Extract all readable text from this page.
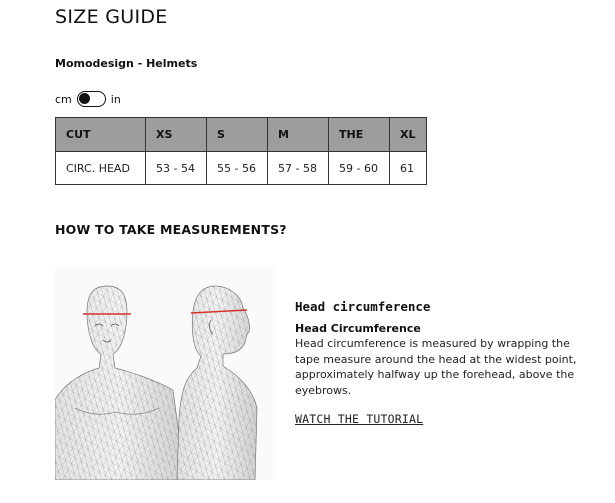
SIZE GUIDE
Momodesign - Helmets
cm	in
CUT	XS	S	M	THE	XL
CIRC. HEAD	53 - 54	55 - 56	57 - 58	59 - 60	61
HOW TO TAKE MEASUREMENTS?
Head circumference
Head Circumference
Head circumference is measured by wrapping the tape measure around the head at the widest point, approximately halfway up the forehead, above the eyebrows.
WATCH THE TUTORIAL
